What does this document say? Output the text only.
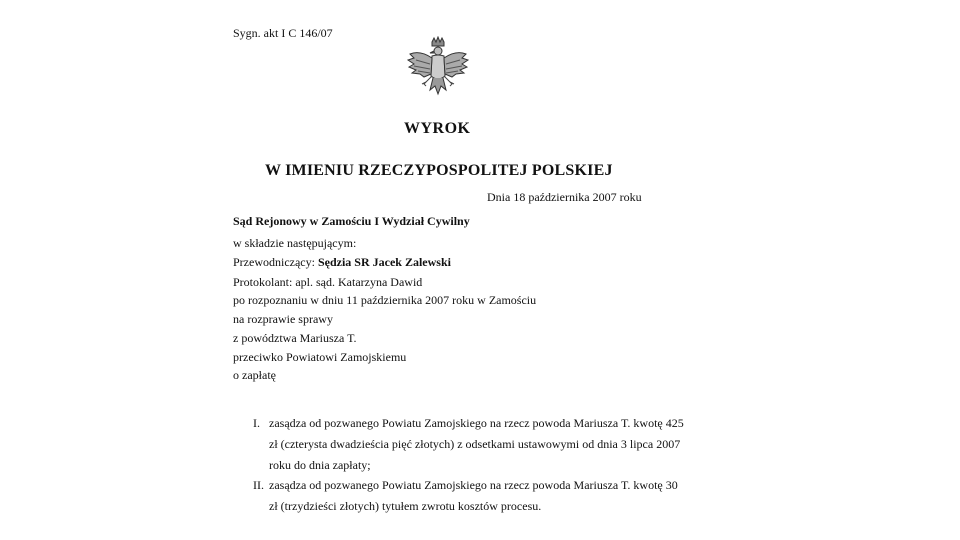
Sygn. akt I C 146/07
WYROK
W IMIENIU RZECZYPOSPOLITEJ POLSKIEJ
Dnia 18 października 2007 roku
Sąd Rejonowy w Zamościu I Wydział Cywilny
w składzie następującym:
Przewodniczący: Sędzia SR Jacek Zalewski
Protokolant: apl. sąd. Katarzyna Dawid
po rozpoznaniu w dniu 11 października 2007 roku w Zamościu
na rozprawie sprawy
z powództwa Mariusza T.
przeciwko Powiatowi Zamojskiemu
o zapłatę
I. zasądza od pozwanego Powiatu Zamojskiego na rzecz powoda Mariusza T. kwotę 425
zł (czterysta dwadzieścia pięć złotych) z odsetkami ustawowymi od dnia 3 lipca 2007
roku do dnia zapłaty;
II. zasądza od pozwanego Powiatu Zamojskiego na rzecz powoda Mariusza T. kwotę 30
zł (trzydzieści złotych) tytułem zwrotu kosztów procesu.
